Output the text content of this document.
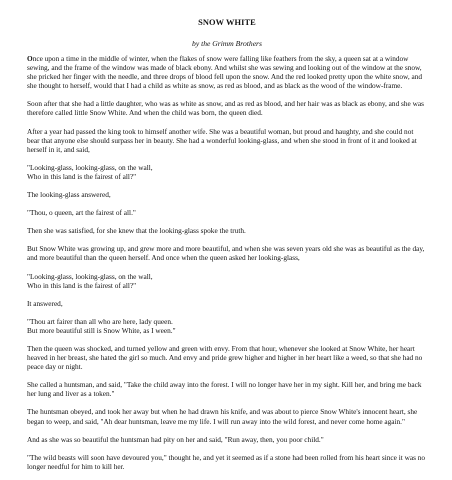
SNOW WHITE
by the Grimm Brothers

Once upon a time in the middle of winter, when the flakes of snow were falling like feathers from the sky, a queen sat at a window sewing, and the frame of the window was made of black ebony. And whilst she was sewing and looking out of the window at the snow, she pricked her finger with the needle, and three drops of blood fell upon the snow. And the red looked pretty upon the white snow, and she thought to herself, would that I had a child as white as snow, as red as blood, and as black as the wood of the window-frame.

Soon after that she had a little daughter, who was as white as snow, and as red as blood, and her hair was as black as ebony, and she was therefore called little Snow White. And when the child was born, the queen died.

After a year had passed the king took to himself another wife. She was a beautiful woman, but proud and haughty, and she could not bear that anyone else should surpass her in beauty. She had a wonderful looking-glass, and when she stood in front of it and looked at herself in it, and said,

"Looking-glass, looking-glass, on the wall,
Who in this land is the fairest of all?"

The looking-glass answered,

"Thou, o queen, art the fairest of all."

Then she was satisfied, for she knew that the looking-glass spoke the truth.

But Snow White was growing up, and grew more and more beautiful, and when she was seven years old she was as beautiful as the day, and more beautiful than the queen herself. And once when the queen asked her looking-glass,

"Looking-glass, looking-glass, on the wall,
Who in this land is the fairest of all?"

It answered,

"Thou art fairer than all who are here, lady queen.
But more beautiful still is Snow White, as I ween."

Then the queen was shocked, and turned yellow and green with envy. From that hour, whenever she looked at Snow White, her heart heaved in her breast, she hated the girl so much. And envy and pride grew higher and higher in her heart like a weed, so that she had no peace day or night.

She called a huntsman, and said, "Take the child away into the forest. I will no longer have her in my sight. Kill her, and bring me back her lung and liver as a token."

The huntsman obeyed, and took her away but when he had drawn his knife, and was about to pierce Snow White's innocent heart, she began to weep, and said, "Ah dear huntsman, leave me my life. I will run away into the wild forest, and never come home again."

And as she was so beautiful the huntsman had pity on her and said, "Run away, then, you poor child."

"The wild beasts will soon have devoured you," thought he, and yet it seemed as if a stone had been rolled from his heart since it was no longer needful for him to kill her.
